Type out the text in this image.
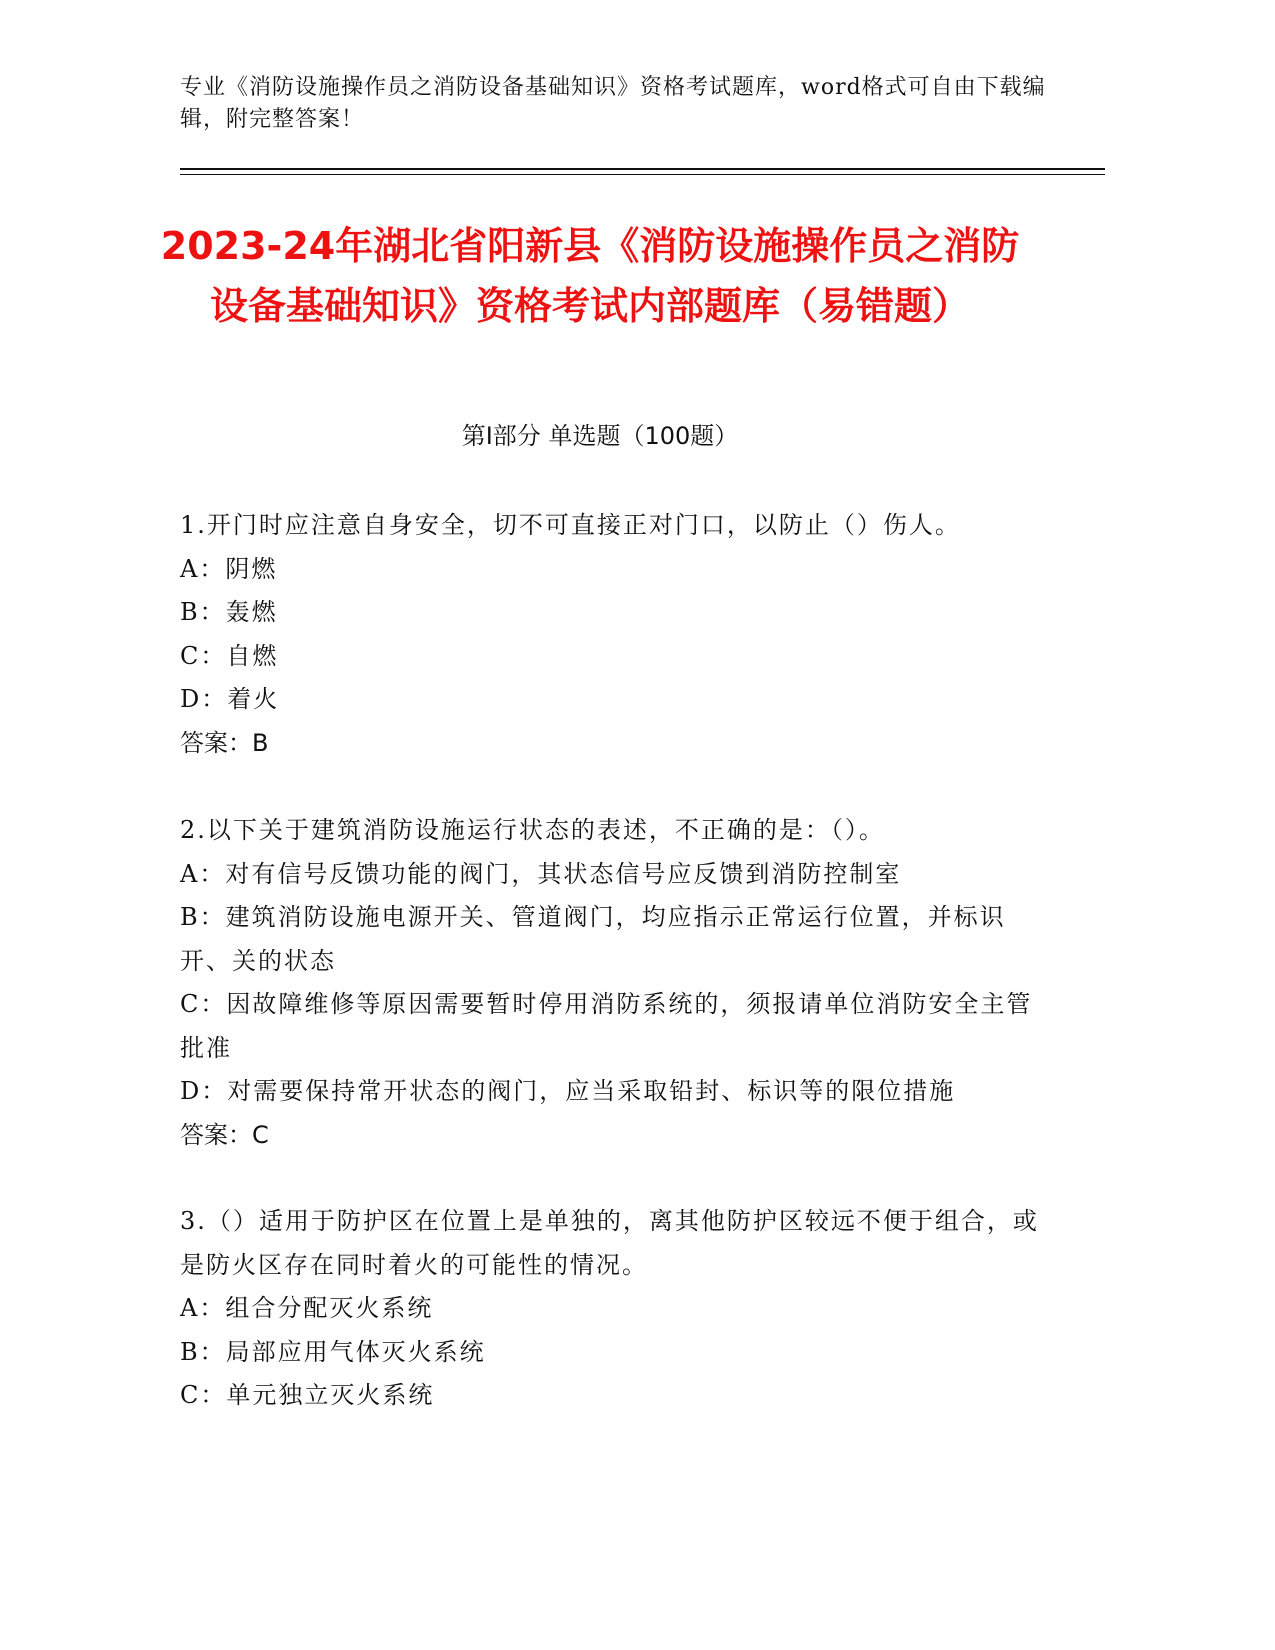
专业《消防设施操作员之消防设备基础知识》资格考试题库，word格式可自由下载编辑，附完整答案！
2023-24年湖北省阳新县《消防设施操作员之消防设备基础知识》资格考试内部题库（易错题）
第I部分 单选题（100题）
1.开门时应注意自身安全，切不可直接正对门口，以防止（）伤人。
A：阴燃
B：轰燃
C：自燃
D：着火
答案：B
2.以下关于建筑消防设施运行状态的表述，不正确的是：（）。
A：对有信号反馈功能的阀门，其状态信号应反馈到消防控制室
B：建筑消防设施电源开关、管道阀门，均应指示正常运行位置，并标识开、关的状态
C：因故障维修等原因需要暂时停用消防系统的，须报请单位消防安全主管批准
D：对需要保持常开状态的阀门，应当采取铅封、标识等的限位措施
答案：C
3.（）适用于防护区在位置上是单独的，离其他防护区较远不便于组合，或是防火区存在同时着火的可能性的情况。
A：组合分配灭火系统
B：局部应用气体灭火系统
C：单元独立灭火系统
